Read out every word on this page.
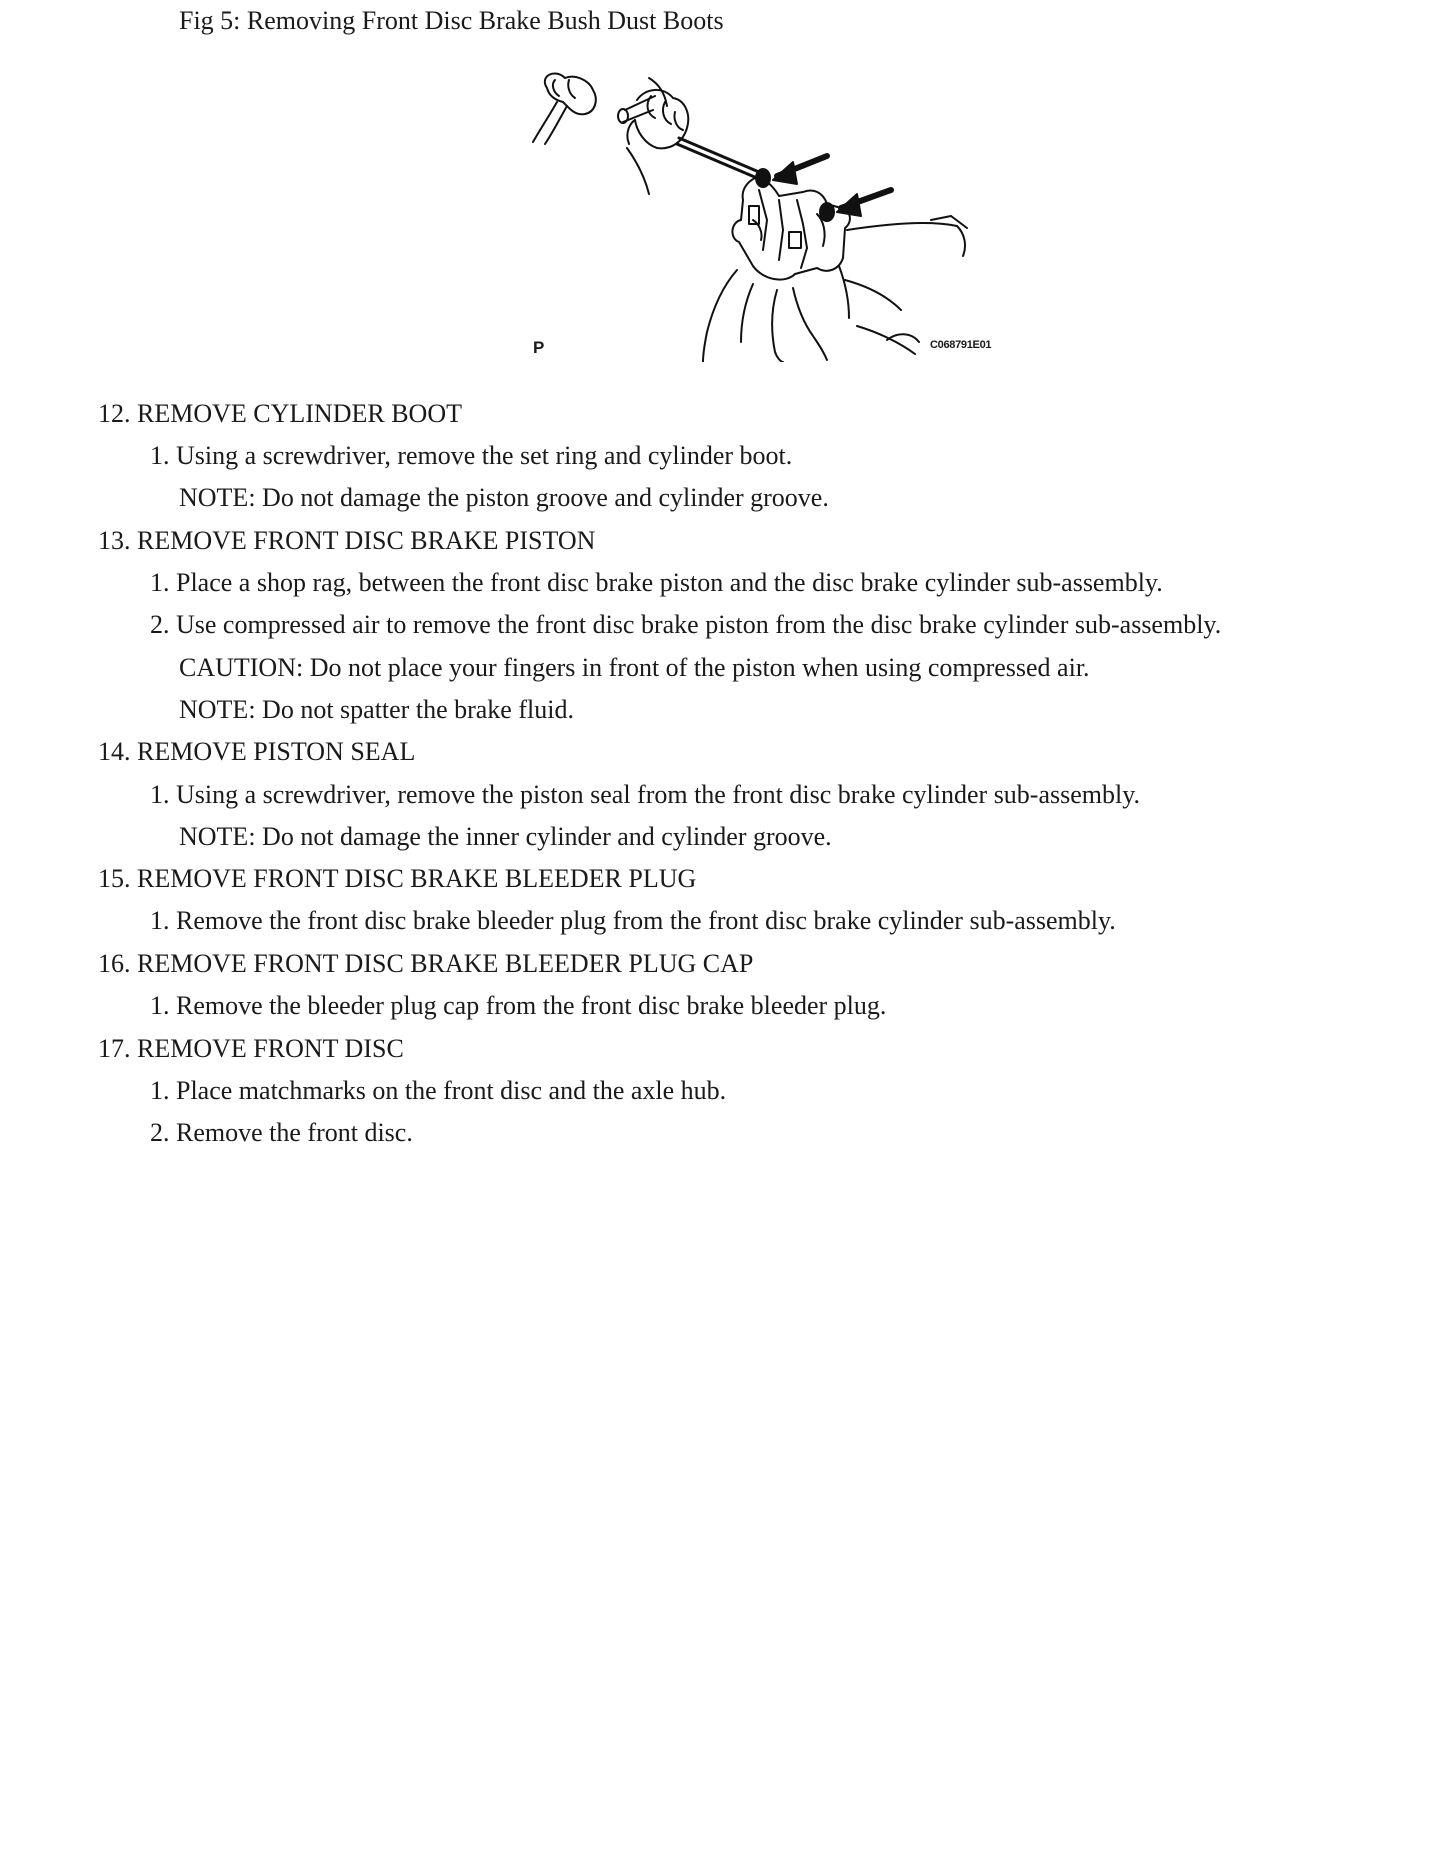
Fig 5: Removing Front Disc Brake Bush Dust Boots
P	C068791E01
12. REMOVE CYLINDER BOOT
1. Using a screwdriver, remove the set ring and cylinder boot.
NOTE: Do not damage the piston groove and cylinder groove.
13. REMOVE FRONT DISC BRAKE PISTON
1. Place a shop rag, between the front disc brake piston and the disc brake cylinder sub-assembly.
2. Use compressed air to remove the front disc brake piston from the disc brake cylinder sub-assembly.
CAUTION: Do not place your fingers in front of the piston when using compressed air.
NOTE: Do not spatter the brake fluid.
14. REMOVE PISTON SEAL
1. Using a screwdriver, remove the piston seal from the front disc brake cylinder sub-assembly.
NOTE: Do not damage the inner cylinder and cylinder groove.
15. REMOVE FRONT DISC BRAKE BLEEDER PLUG
1. Remove the front disc brake bleeder plug from the front disc brake cylinder sub-assembly.
16. REMOVE FRONT DISC BRAKE BLEEDER PLUG CAP
1. Remove the bleeder plug cap from the front disc brake bleeder plug.
17. REMOVE FRONT DISC
1. Place matchmarks on the front disc and the axle hub.
2. Remove the front disc.
